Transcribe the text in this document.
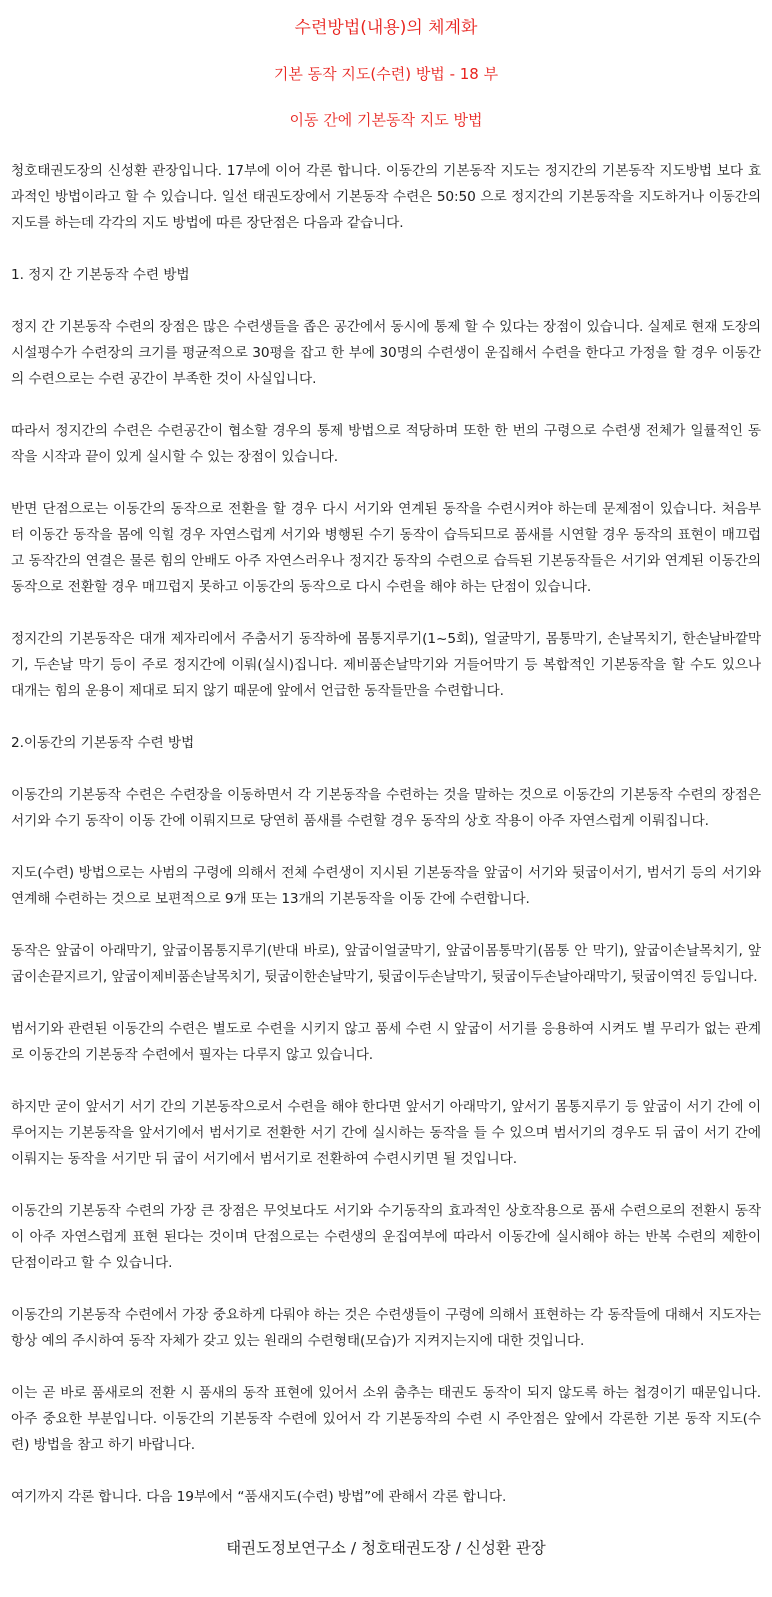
수련방법(내용)의 체계화
기본 동작 지도(수련) 방법 - 18 부
이동 간에 기본동작 지도 방법

청호태권도장의 신성환 관장입니다. 17부에 이어 각론 합니다. 이동간의 기본동작 지도는 정지간의 기본동작 지도방법 보다 효과적인 방법이라고 할 수 있습니다. 일선 태권도장에서 기본동작 수련은 50:50 으로 정지간의 기본동작을 지도하거나 이동간의 지도를 하는데 각각의 지도 방법에 따른 장단점은 다음과 같습니다.

1. 정지 간 기본동작 수련 방법

정지 간 기본동작 수련의 장점은 많은 수련생들을 좁은 공간에서 동시에 통제 할 수 있다는 장점이 있습니다. 실제로 현재 도장의 시설평수가 수련장의 크기를 평균적으로 30평을 잡고 한 부에 30명의 수련생이 운집해서 수련을 한다고 가정을 할 경우 이동간의 수련으로는 수련 공간이 부족한 것이 사실입니다.

따라서 정지간의 수련은 수련공간이 협소할 경우의 통제 방법으로 적당하며 또한 한 번의 구령으로 수련생 전체가 일률적인 동작을 시작과 끝이 있게 실시할 수 있는 장점이 있습니다.

반면 단점으로는 이동간의 동작으로 전환을 할 경우 다시 서기와 연계된 동작을 수련시켜야 하는데 문제점이 있습니다. 처음부터 이동간 동작을 몸에 익힐 경우 자연스럽게 서기와 병행된 수기 동작이 습득되므로 품새를 시연할 경우 동작의 표현이 매끄럽고 동작간의 연결은 물론 힘의 안배도 아주 자연스러우나 정지간 동작의 수련으로 습득된 기본동작들은 서기와 연계된 이동간의 동작으로 전환할 경우 매끄럽지 못하고 이동간의 동작으로 다시 수련을 해야 하는 단점이 있습니다.

정지간의 기본동작은 대개 제자리에서 주춤서기 동작하에 몸통지루기(1~5회), 얼굴막기, 몸통막기, 손날목치기, 한손날바깥막기, 두손날 막기 등이 주로 정지간에 이뤄(실시)집니다. 제비품손날막기와 거들어막기 등 복합적인 기본동작을 할 수도 있으나 대개는 힘의 운용이 제대로 되지 않기 때문에 앞에서 언급한 동작들만을 수련합니다.

2.이동간의 기본동작 수련 방법

이동간의 기본동작 수련은 수련장을 이동하면서 각 기본동작을 수련하는 것을 말하는 것으로 이동간의 기본동작 수련의 장점은 서기와 수기 동작이 이동 간에 이뤄지므로 당연히 품새를 수련할 경우 동작의 상호 작용이 아주 자연스럽게 이뤄집니다.

지도(수련) 방법으로는 사범의 구령에 의해서 전체 수련생이 지시된 기본동작을 앞굽이 서기와 뒷굽이서기, 범서기 등의 서기와 연계해 수련하는 것으로 보편적으로 9개 또는 13개의 기본동작을 이동 간에 수련합니다.

동작은 앞굽이 아래막기, 앞굽이몸통지루기(반대 바로), 앞굽이얼굴막기, 앞굽이몸통막기(몸통 안 막기), 앞굽이손날목치기, 앞굽이손끝지르기, 앞굽이제비품손날목치기, 뒷굽이한손날막기, 뒷굽이두손날막기, 뒷굽이두손날아래막기, 뒷굽이역진 등입니다.

범서기와 관련된 이동간의 수련은 별도로 수련을 시키지 않고 품세 수련 시 앞굽이 서기를 응용하여 시켜도 별 무리가 없는 관계로 이동간의 기본동작 수련에서 필자는 다루지 않고 있습니다.

하지만 굳이 앞서기 서기 간의 기본동작으로서 수련을 해야 한다면 앞서기 아래막기, 앞서기 몸통지루기 등 앞굽이 서기 간에 이루어지는 기본동작을 앞서기에서 범서기로 전환한 서기 간에 실시하는 동작을 들 수 있으며 범서기의 경우도 뒤 굽이 서기 간에 이뤄지는 동작을 서기만 뒤 굽이 서기에서 범서기로 전환하여 수련시키면 될 것입니다.

이동간의 기본동작 수련의 가장 큰 장점은 무엇보다도 서기와 수기동작의 효과적인 상호작용으로 품새 수련으로의 전환시 동작이 아주 자연스럽게 표현 된다는 것이며 단점으로는 수련생의 운집여부에 따라서 이동간에 실시해야 하는 반복 수련의 제한이 단점이라고 할 수 있습니다.

이동간의 기본동작 수련에서 가장 중요하게 다뤄야 하는 것은 수련생들이 구령에 의해서 표현하는 각 동작들에 대해서 지도자는 항상 예의 주시하여 동작 자체가 갖고 있는 원래의 수련형태(모습)가 지켜지는지에 대한 것입니다.

이는 곧 바로 품새로의 전환 시 품새의 동작 표현에 있어서 소위 춤추는 태권도 동작이 되지 않도록 하는 첩경이기 때문입니다. 아주 중요한 부분입니다. 이동간의 기본동작 수련에 있어서 각 기본동작의 수련 시 주안점은 앞에서 각론한 기본 동작 지도(수련) 방법을 참고 하기 바랍니다.

여기까지 각론 합니다. 다음 19부에서 “품새지도(수련) 방법”에 관해서 각론 합니다.

태권도정보연구소 / 청호태권도장 / 신성환 관장
